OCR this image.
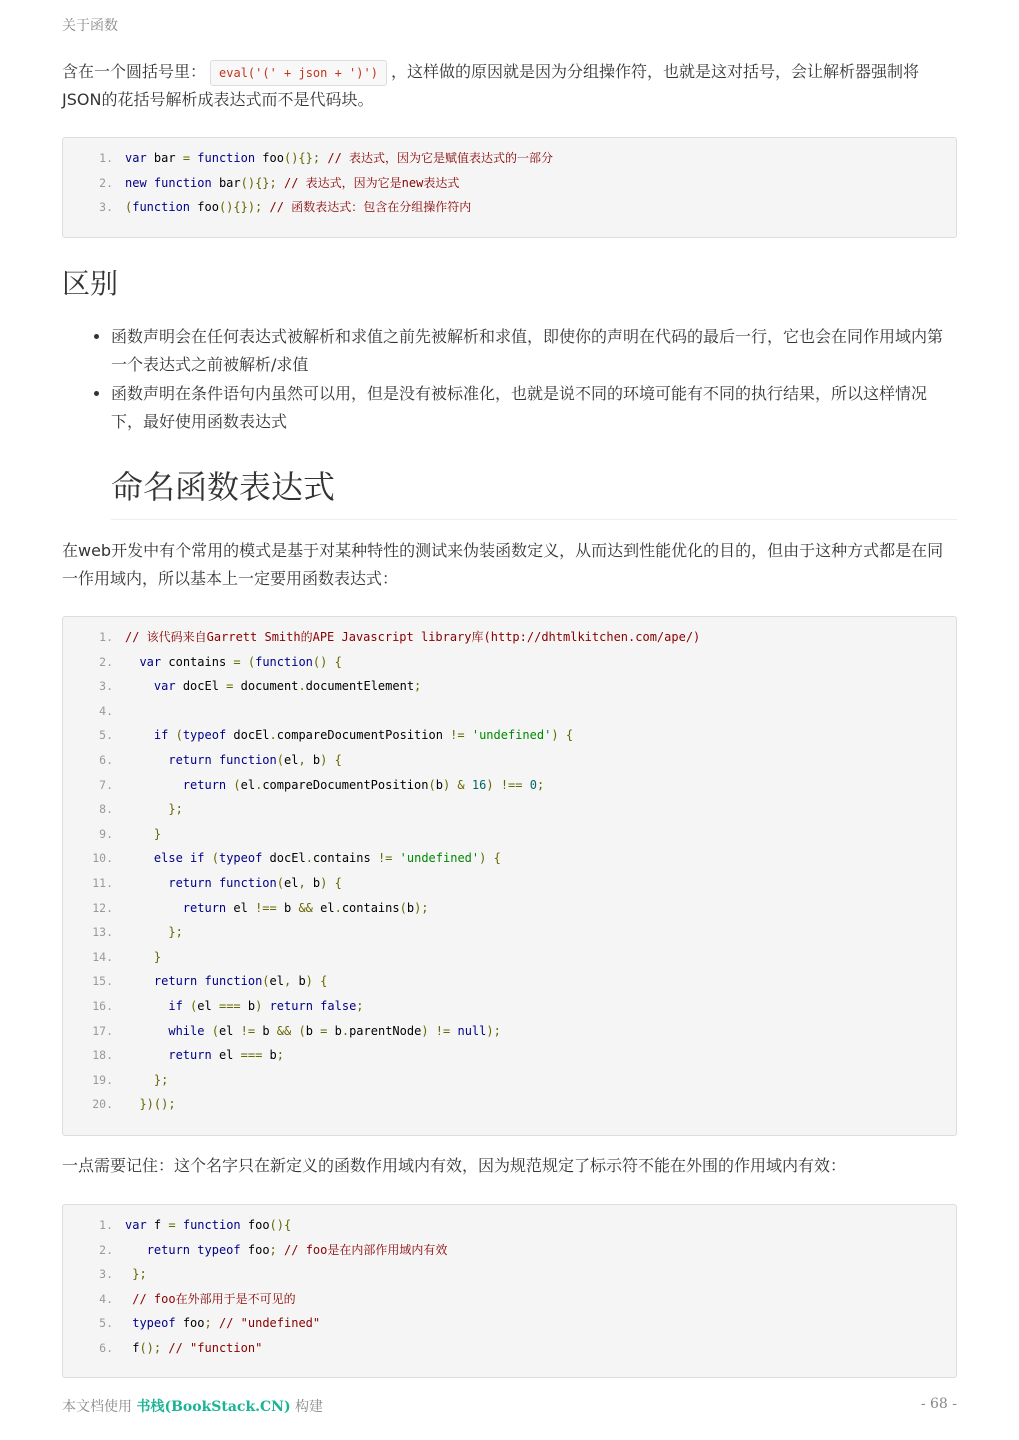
关于函数
含在一个圆括号里： eval('(' + json + ')') ，这样做的原因就是因为分组操作符，也就是这对括号，会让解析器强制将JSON的花括号解析成表达式而不是代码块。
1. var bar = function foo(){}; // 表达式，因为它是赋值表达式的一部分
2. new function bar(){}; // 表达式，因为它是new表达式
3. (function foo(){}); // 函数表达式：包含在分组操作符内
区别
• 函数声明会在任何表达式被解析和求值之前先被解析和求值，即使你的声明在代码的最后一行，它也会在同作用域内第一个表达式之前被解析/求值
• 函数声明在条件语句内虽然可以用，但是没有被标准化，也就是说不同的环境可能有不同的执行结果，所以这样情况下，最好使用函数表达式
命名函数表达式
在web开发中有个常用的模式是基于对某种特性的测试来伪装函数定义，从而达到性能优化的目的，但由于这种方式都是在同一作用域内，所以基本上一定要用函数表达式：
1. // 该代码来自Garrett Smith的APE Javascript library库(http://dhtmlkitchen.com/ape/)
2. var contains = (function() {
3.	var docEl = document.documentElement;
4.
5.	if (typeof docEl.compareDocumentPosition != 'undefined') {
6.	return function(el, b) {
7.	return (el.compareDocumentPosition(b) & 16) !== 0;
8.	};
9.	}
10.	else if (typeof docEl.contains != 'undefined') {
11.	return function(el, b) {
12.	return el !== b && el.contains(b);
13.	};
14.	}
15.	return function(el, b) {
16.	if (el === b) return false;
17.	while (el != b && (b = b.parentNode) != null);
18.	return el === b;
19.	};
20. })();
一点需要记住：这个名字只在新定义的函数作用域内有效，因为规范规定了标示符不能在外围的作用域内有效：
1. var f = function foo(){
2.	return typeof foo; // foo是在内部作用域内有效
3. };
4. // foo在外部用于是不可见的
5. typeof foo; // "undefined"
6. f(); // "function"
本文档使用 书栈(BookStack.CN) 构建	- 68 -
